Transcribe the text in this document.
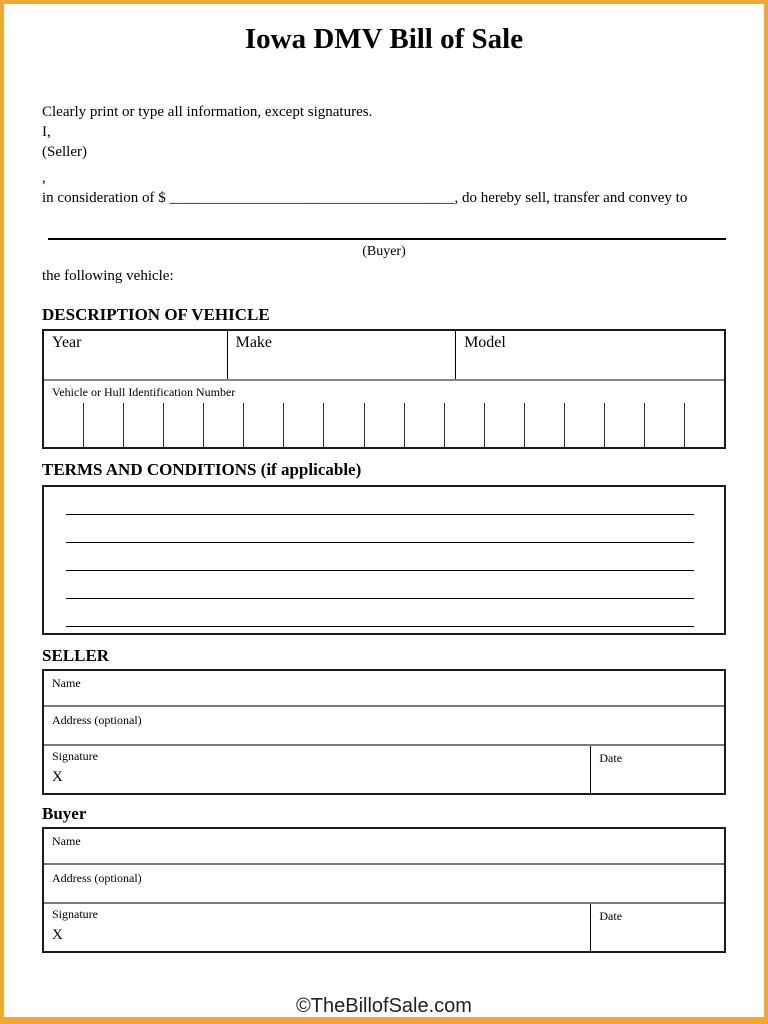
Iowa DMV Bill of Sale
Clearly print or type all information, except signatures.
I,
(Seller)
,
in consideration of $ ______________________________________, do hereby sell, transfer and convey to
(Buyer)
the following vehicle:
DESCRIPTION OF VEHICLE
Year	Make	Model
Vehicle or Hull Identification Number
TERMS AND CONDITIONS (if applicable)
SELLER
Name
Address (optional)
Signature
X
Date
Buyer
Name
Address (optional)
Signature
X
Date
©TheBillofSale.com
